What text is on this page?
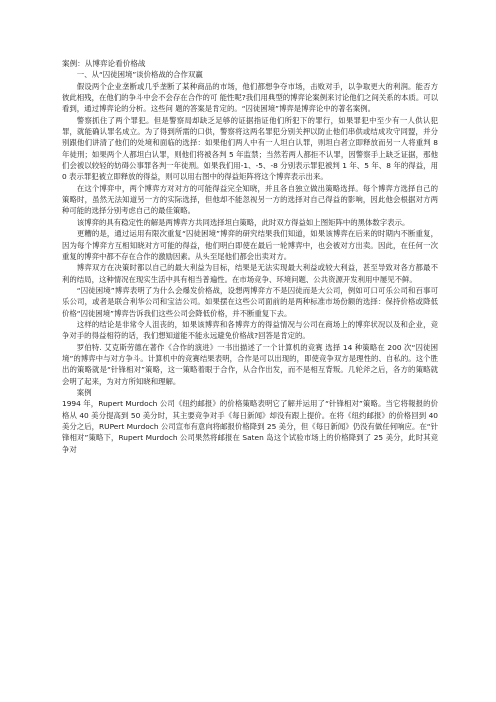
案例：从博弈论看价格战

一、从“囚徒困境”谈价格战的合作双赢

假设两个企业垄断或几乎垄断了某种商品的市场，他们都想争夺市场，击败对手，以争取更大的利润。能否方彼此相残，在他们的争斗中会不会存在合作的可 能性呢?我们用典型的博弈论案例来讨论他们之间关系的本质。可以看到，通过博弈论的分析。这些问 题的答案是肯定的。“囚徒困境”博弈是博弈论中的著名案例。

警察抓住了两个罪犯。但是警察局却缺乏足够的证据指证他们所犯下的罪行，如果罪犯中至少有一人供认犯罪，就能确认罪名成立。为了得到所需的口供，警察将这两名罪犯分别关押以防止他们串供或结成攻守同盟，并分别跟他们讲清了他们的处境和面临的选择：如果他们两人中有一人坦白认罪，则坦白者立即释放而另一人将重判 8 年徒刑；如果两个人都坦白认罪，则他们将被各判 5 年监禁；当然若两人都拒不认罪，因警察手上缺乏证据，那他们会被以较轻的妨碍公事罪各判一年徒刑。如果我们用-1、-5、-8 分别表示罪犯被判 1 年、5 年、8 年的得益，用 0 表示罪犯被立即释放的得益，则可以用右图中的得益矩阵将这个博弈表示出来。

在这个博弈中，两个博弈方对对方的可能得益完全知晓，并且各自独立做出策略选择。每个博弈方选择自己的策略时，虽然无法知道另一方的实际选择，但他却不能忽视另一方的选择对自己得益的影响，因此他会根据对方两种可能的选择分别考虑自己的最佳策略。

该博弈的具有稳定性的解是两博弈方共同选择坦白策略，此时双方得益如上图矩阵中的黑体数字表示。

更糟的是，通过运用有限次重复“囚徒困境”博弈的研究结果我们知道，如果该博弈在后来的时期内不断重复，因为每个博弈方互相知晓对方可能的得益，他们明白即使在最后一轮博弈中，也会被对方出卖。因此，在任何一次重复的博弈中都不存在合作的激励因素。从头至尾他们都会出卖对方。

博弈双方在决策时都以自己的最大利益为目标，结果是无法实现最大利益或较大利益，甚至导致对各方都最不利的结局，这种情况在现实生活中具有相当普遍性。在市场竞争、环境问题、公共资源开发利用中屡见不鲜。

“囚徒困境”博弈表明了为什么会爆发价格战，设想两博弈方不是囚徒而是大公司，例如可口可乐公司和百事可乐公司，或者是联合利华公司和宝洁公司。如果摆在这些公司面前的是两种标准市场份额的选择：保持价格或降低价格“囚徒困境”博弈告诉我们这些公司会降低价格，并不断重复下去。

这样的结论是非常令人沮丧的，如果该博弈和各博弈方的得益情况与公司在商场上的博弈状况以及和企业，竞争对手的得益相符的话，我们想知道能不能永远避免价格战?回答是肯定的。

罗伯特. 艾克斯劳德在著作《合作的演进》一书出描述了一个计算机的竞赛 选择 14 种策略在 200 次“囚徒困境”的博弈中与对方争斗。计算机中的竞赛结果表明，合作是可以出现的，即使竞争双方是理性的、自私的。这个胜出的策略就是“针锋相对”策略，这一策略着眼于合作，从合作出发，而不是相互背叛。几轮斧之后，各方的策略就会明了起来，为对方所知晓和理解。

案例

1994 年，Rupert Murdoch 公司《纽约邮报》的价格策略表明它了解并运用了“针锋相对”策略。当它将報报的价格从 40 美分提高到 50 美分时，其主要竞争对手《每日新闻》却没有跟上提价。在将《纽约邮报》的价格回到 40 美分之后，RUPert Murdoch 公司宣布有意向将邮报价格降到 25 美分，但《每日新闻》仍没有做任何响应。在“针锋相对”策略下，Rupert Murdoch 公司果然将邮报在 Saten 岛这个试验市场上的价格降到了 25 美分，此时其竞争对
